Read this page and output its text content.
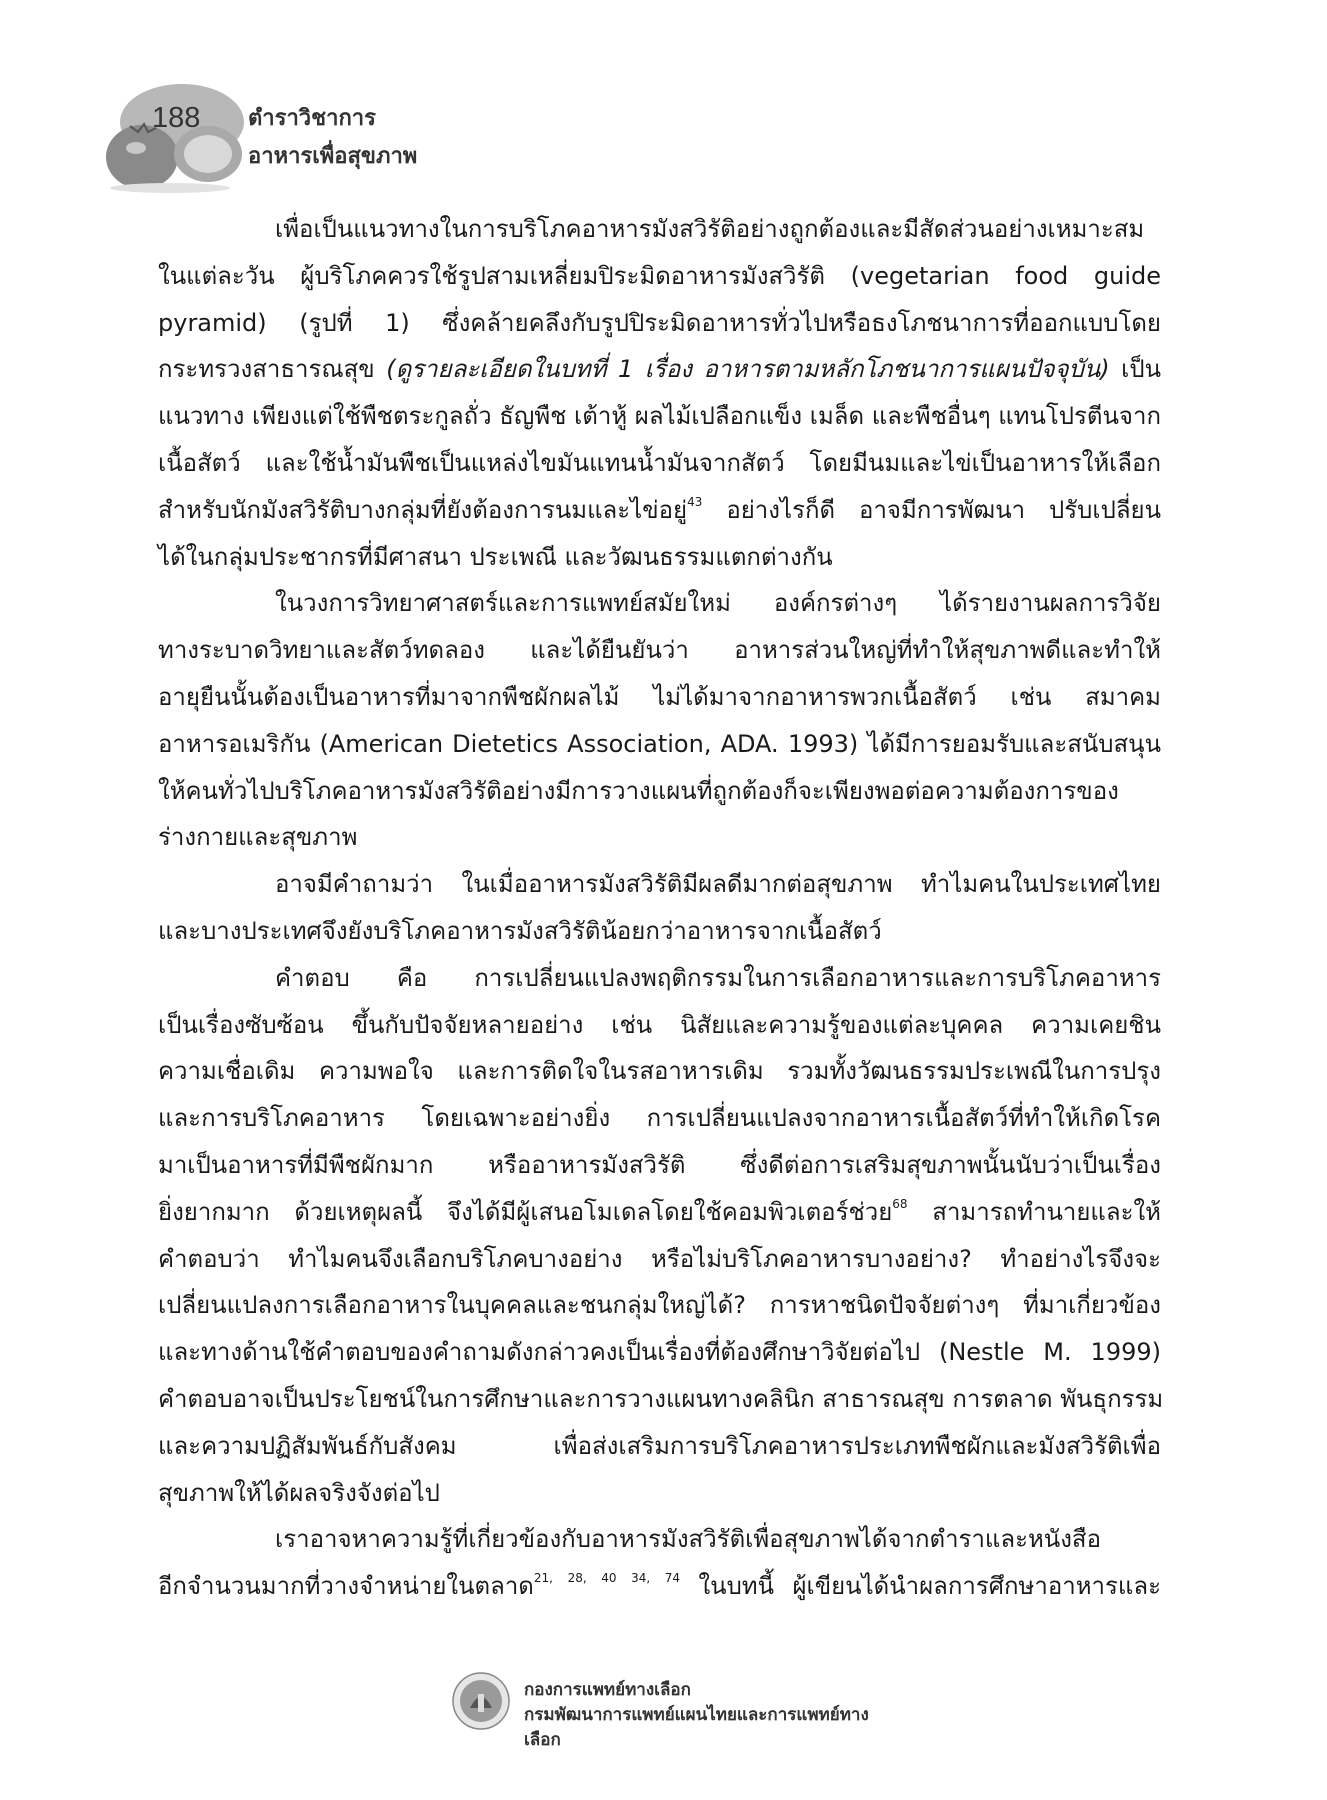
188 ตำราวิชาการ
อาหารเพื่อสุขภาพ
เพื่อเป็นแนวทางในการบริโภคอาหารมังสวิรัติอย่างถูกต้องและมีสัดส่วนอย่างเหมาะสม
ในแต่ละวัน ผู้บริโภคควรใช้รูปสามเหลี่ยมปิระมิดอาหารมังสวิรัติ (vegetarian food guide
pyramid) (รูปที่ 1) ซึ่งคล้ายคลึงกับรูปปิระมิดอาหารทั่วไปหรือธงโภชนาการที่ออกแบบโดย
กระทรวงสาธารณสุข (ดูรายละเอียดในบทที่ 1 เรื่อง อาหารตามหลักโภชนาการแผนปัจจุบัน) เป็น
แนวทาง เพียงแต่ใช้พืชตระกูลถั่ว ธัญพืช เต้าหู้ ผลไม้เปลือกแข็ง เมล็ด และพืชอื่นๆ แทนโปรตีนจาก
เนื้อสัตว์ และใช้น้ำมันพืชเป็นแหล่งไขมันแทนน้ำมันจากสัตว์ โดยมีนมและไข่เป็นอาหารให้เลือก
สำหรับนักมังสวิรัติบางกลุ่มที่ยังต้องการนมและไข่อยู่$^{43}$ อย่างไรก็ดี อาจมีการพัฒนา ปรับเปลี่ยน
ได้ในกลุ่มประชากรที่มีศาสนา ประเพณี และวัฒนธรรมแตกต่างกัน
ในวงการวิทยาศาสตร์และการแพทย์สมัยใหม่ องค์กรต่างๆ ได้รายงานผลการวิจัย
ทางระบาดวิทยาและสัตว์ทดลอง และได้ยืนยันว่า อาหารส่วนใหญ่ที่ทำให้สุขภาพดีและทำให้
อายุยืนนั้นต้องเป็นอาหารที่มาจากพืชผักผลไม้ ไม่ได้มาจากอาหารพวกเนื้อสัตว์ เช่น สมาคม
อาหารอเมริกัน (American Dietetics Association, ADA. 1993) ได้มีการยอมรับและสนับสนุน
ให้คนทั่วไปบริโภคอาหารมังสวิรัติอย่างมีการวางแผนที่ถูกต้องก็จะเพียงพอต่อความต้องการของ
ร่างกายและสุขภาพ
อาจมีคำถามว่า ในเมื่ออาหารมังสวิรัติมีผลดีมากต่อสุขภาพ ทำไมคนในประเทศไทย
และบางประเทศจึงยังบริโภคอาหารมังสวิรัติน้อยกว่าอาหารจากเนื้อสัตว์
คำตอบ คือ การเปลี่ยนแปลงพฤติกรรมในการเลือกอาหารและการบริโภคอาหาร
เป็นเรื่องซับซ้อน ขึ้นกับปัจจัยหลายอย่าง เช่น นิสัยและความรู้ของแต่ละบุคคล ความเคยชิน
ความเชื่อเดิม ความพอใจ และการติดใจในรสอาหารเดิม รวมทั้งวัฒนธรรมประเพณีในการปรุง
และการบริโภคอาหาร โดยเฉพาะอย่างยิ่ง การเปลี่ยนแปลงจากอาหารเนื้อสัตว์ที่ทำให้เกิดโรค
มาเป็นอาหารที่มีพืชผักมาก หรืออาหารมังสวิรัติ ซึ่งดีต่อการเสริมสุขภาพนั้นนับว่าเป็นเรื่อง
ยิ่งยากมาก ด้วยเหตุผลนี้ จึงได้มีผู้เสนอโมเดลโดยใช้คอมพิวเตอร์ช่วย$^{68}$ สามารถทำนายและให้
คำตอบว่า ทำไมคนจึงเลือกบริโภคบางอย่าง หรือไม่บริโภคอาหารบางอย่าง? ทำอย่างไรจึงจะ
เปลี่ยนแปลงการเลือกอาหารในบุคคลและชนกลุ่มใหญ่ได้? การหาชนิดปัจจัยต่างๆ ที่มาเกี่ยวข้อง
และทางด้านใช้คำตอบของคำถามดังกล่าวคงเป็นเรื่องที่ต้องศึกษาวิจัยต่อไป (Nestle M. 1999)
คำตอบอาจเป็นประโยชน์ในการศึกษาและการวางแผนทางคลินิก สาธารณสุข การตลาด พันธุกรรม
และความปฏิสัมพันธ์กับสังคม เพื่อส่งเสริมการบริโภคอาหารประเภทพืชผักและมังสวิรัติเพื่อ
สุขภาพให้ได้ผลจริงจังต่อไป
เราอาจหาความรู้ที่เกี่ยวข้องกับอาหารมังสวิรัติเพื่อสุขภาพได้จากตำราและหนังสือ
อีกจำนวนมากที่วางจำหน่ายในตลาด$^{21, 28, 40 34, 74}$ ในบทนี้ ผู้เขียนได้นำผลการศึกษาอาหารและ
กองการแพทย์ทางเลือก
กรมพัฒนาการแพทย์แผนไทยและการแพทย์ทางเลือก
